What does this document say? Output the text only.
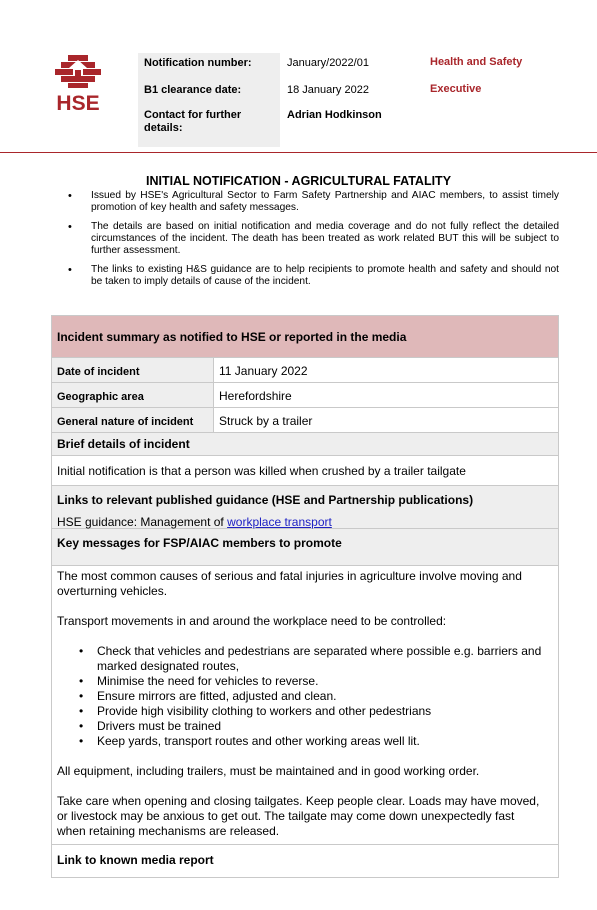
HSE
Notification number:	January/2022/01
B1 clearance date:	18 January 2022
Contact for further details:
Adrian Hodkinson
Health and Safety
Executive
INITIAL NOTIFICATION - AGRICULTURAL FATALITY
• Issued by HSE's Agricultural Sector to Farm Safety Partnership and AIAC members, to assist timely promotion of key health and safety messages.
• The details are based on initial notification and media coverage and do not fully reflect the detailed circumstances of the incident. The death has been treated as work related BUT this will be subject to further assessment.
• The links to existing H&S guidance are to help recipients to promote health and safety and should not be taken to imply details of cause of the incident.
Incident summary as notified to HSE or reported in the media
Date of incident	11 January 2022
Geographic area	Herefordshire
General nature of incident	Struck by a trailer
Brief details of incident
Initial notification is that a person was killed when crushed by a trailer tailgate
Links to relevant published guidance (HSE and Partnership publications)
HSE guidance: Management of workplace transport
Key messages for FSP/AIAC members to promote

The most common causes of serious and fatal injuries in agriculture involve moving and overturning vehicles.

Transport movements in and around the workplace need to be controlled:

• Check that vehicles and pedestrians are separated where possible e.g. barriers and marked designated routes,
• Minimise the need for vehicles to reverse.
• Ensure mirrors are fitted, adjusted and clean.
• Provide high visibility clothing to workers and other pedestrians
• Drivers must be trained
• Keep yards, transport routes and other working areas well lit.

All equipment, including trailers, must be maintained and in good working order.

Take care when opening and closing tailgates. Keep people clear. Loads may have moved, or livestock may be anxious to get out. The tailgate may come down unexpectedly fast when retaining mechanisms are released.

Link to known media report
